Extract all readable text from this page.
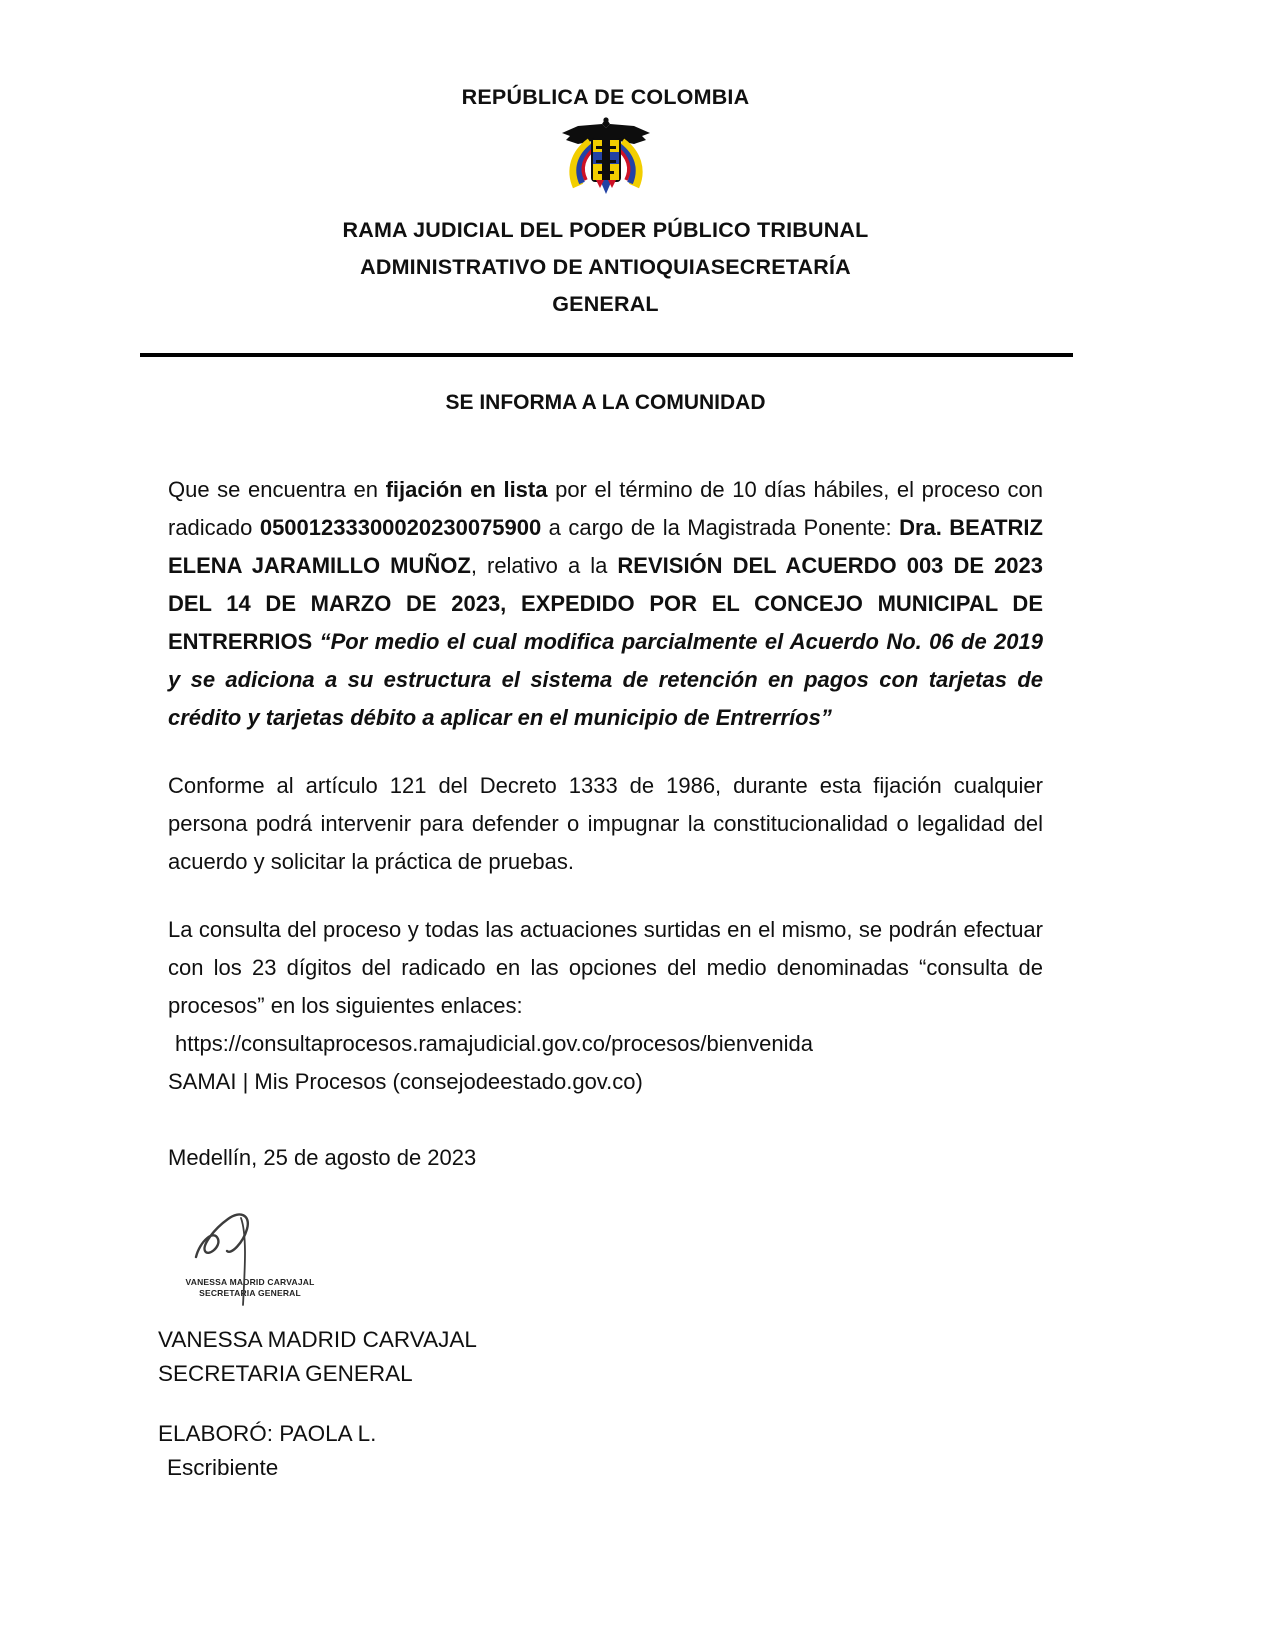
REPÚBLICA DE COLOMBIA
RAMA JUDICIAL DEL PODER PÚBLICO TRIBUNAL
ADMINISTRATIVO DE ANTIOQUIASECRETARÍA
GENERAL
SE INFORMA A LA COMUNIDAD

Que se encuentra en fijación en lista por el término de 10 días hábiles, el proceso con radicado 05001233300020230075900 a cargo de la Magistrada Ponente: Dra. BEATRIZ ELENA JARAMILLO MUÑOZ, relativo a la REVISIÓN DEL ACUERDO 003 DE 2023 DEL 14 DE MARZO DE 2023, EXPEDIDO POR EL CONCEJO MUNICIPAL DE ENTRERRIOS “Por medio el cual modifica parcialmente el Acuerdo No. 06 de 2019 y se adiciona a su estructura el sistema de retención en pagos con tarjetas de crédito y tarjetas débito a aplicar en el municipio de Entrerríos”

Conforme al artículo 121 del Decreto 1333 de 1986, durante esta fijación cualquier persona podrá intervenir para defender o impugnar la constitucionalidad o legalidad del acuerdo y solicitar la práctica de pruebas.

La consulta del proceso y todas las actuaciones surtidas en el mismo, se podrán efectuar con los 23 dígitos del radicado en las opciones del medio denominadas “consulta de procesos” en los siguientes enlaces:

https://consultaprocesos.ramajudicial.gov.co/procesos/bienvenida
SAMAI | Mis Procesos (consejodeestado.gov.co)
Medellín, 25 de agosto de 2023
VANESSA MADRID CARVAJAL
SECRETARIA GENERAL
VANESSA MADRID CARVAJAL
SECRETARIA GENERAL
ELABORÓ: PAOLA L.
Escribiente
